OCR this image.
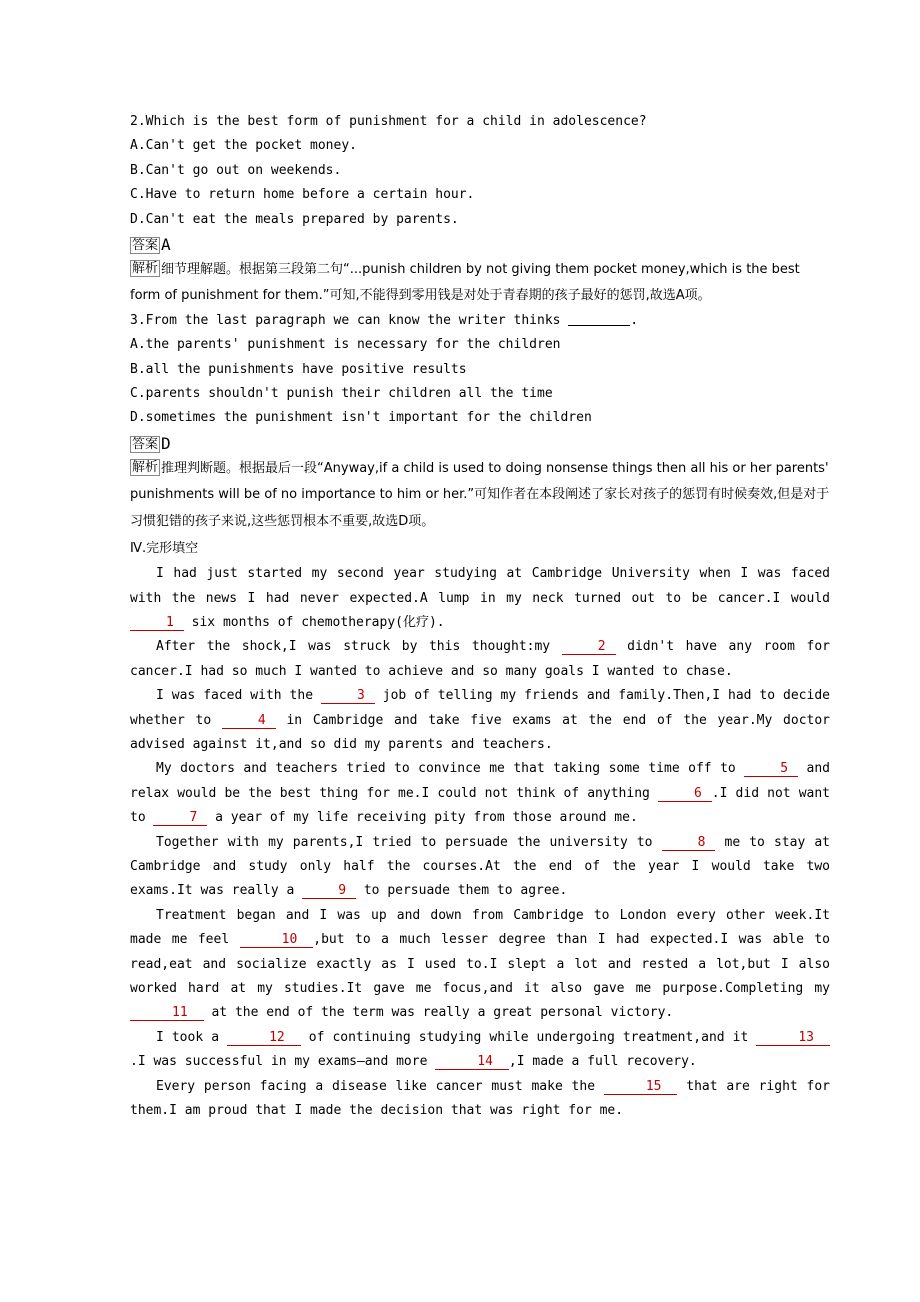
2.Which is the best form of punishment for a child in adolescence?
A.Can't get the pocket money.
B.Can't go out on weekends.
C.Have to return home before a certain hour.
D.Can't eat the meals prepared by parents.
答案 A
解析 细节理解题。根据第三段第二句“...punish children by not giving them pocket money,which is the best form of punishment for them.”可知,不能得到零用钱是对处于青春期的孩子最好的惩罚,故选A项。
3.From the last paragraph we can know the writer thinks	.
A.the parents' punishment is necessary for the children
B.all the punishments have positive results
C.parents shouldn't punish their children all the time
D.sometimes the punishment isn't important for the children
答案 D
解析 推理判断题。根据最后一段“Anyway,if a child is used to doing nonsense things then all his or her parents' punishments will be of no importance to him or her.”可知作者在本段阐述了家长对孩子的惩罚有时候奏效,但是对于习惯犯错的孩子来说,这些惩罚根本不重要,故选D项。
Ⅳ.完形填空
I had just started my second year studying at Cambridge University when I was faced with the news I had never expected.A lump in my neck turned out to be cancer.I would 1 six months of chemotherapy(化疗).
After the shock,I was struck by this thought:my	2 didn't have any room for cancer.I had so much I wanted to achieve and so many goals I wanted to chase.
I was faced with the	3 job of telling my friends and family.Then,I had to decide whether to	4 in Cambridge and take five exams at the end of the year.My doctor advised against it,and so did my parents and teachers.
My doctors and teachers tried to convince me that taking some time off to	5 and relax would be the best thing for me.I could not think of anything	6 .I did not want to	7 a year of my life receiving pity from those around me.
Together with my parents,I tried to persuade the university to	8 me to stay at Cambridge and study only half the courses.At the end of the year I would take two exams.It was really a	9 to persuade them to agree.
Treatment began and I was up and down from Cambridge to London every other week.It made me feel	10 ,but to a much lesser degree than I had expected.I was able to read,eat and socialize exactly as I used to.I slept a lot and rested a lot,but I also worked hard at my studies.It gave me focus,and it also gave me purpose.Completing my 11 at the end of the term was really a great personal victory.
I took a	12 of continuing studying while undergoing treatment,and it	13.I was successful in my exams—and more	14 ,I made a full recovery.
Every person facing a disease like cancer must make the	15 that are right for them.I am proud that I made the decision that was right for me.
